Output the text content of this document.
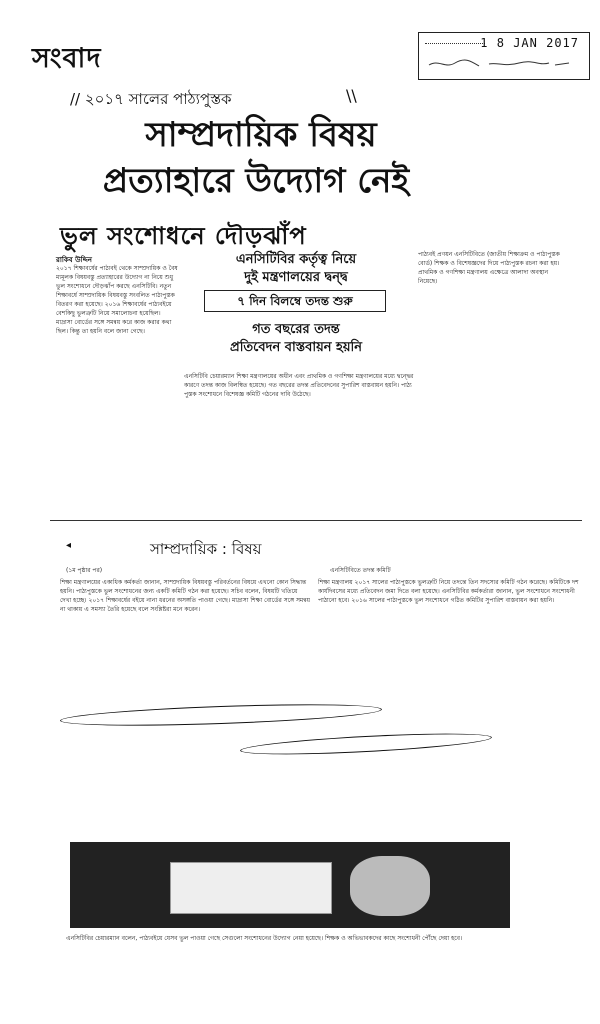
সংবাদ	1 8 JAN 2017
// ২০১৭ সালের পাঠ্যপুস্তক	\\
সাম্প্রদায়িক বিষয়
প্রত্যাহারে উদ্যোগ নেই
ভুল সংশোধনে দৌড়ঝাঁপ
রাকিব উদ্দিন
২০১৭ শিক্ষাবর্ষের পাঠ্যবই থেকে সাম্প্রদায়িক ও বৈষম্যমূলক বিষয়বস্তু প্রত্যাহারের উদ্যোগ না নিয়ে শুধু ভুল সংশোধনে দৌড়ঝাঁপ করছে এনসিটিবি। নতুন শিক্ষাবর্ষে সাম্প্রদায়িক বিষয়বস্তু সংবলিত পাঠ্যপুস্তক বিতরণ করা হয়েছে। ২০১৬ শিক্ষাবর্ষের পাঠ্যবইয়ে বেশকিছু ভুলত্রুটি নিয়ে সমালোচনা হয়েছিল। মাদ্রাসা বোর্ডের সঙ্গে সমন্বয় করে কাজ করার কথা ছিল। কিন্তু তা হয়নি বলে জানা গেছে।
এনসিটিবির কর্তৃত্ব নিয়ে
দুই মন্ত্রণালয়ের দ্বন্দ্ব
৭ দিন বিলম্বে তদন্ত শুরু
গত বছরের তদন্ত
প্রতিবেদন বাস্তবায়ন হয়নি
এনসিটিবি চেয়ারম্যান শিক্ষা মন্ত্রণালয়ের অধীন এবং প্রাথমিক ও গণশিক্ষা মন্ত্রণালয়ের মধ্যে দ্বন্দ্বের কারণে তদন্ত কাজ বিলম্বিত হয়েছে। গত বছরের তদন্ত প্রতিবেদনের সুপারিশ বাস্তবায়ন হয়নি। পাঠ্যপুস্তক সংশোধনে বিশেষজ্ঞ কমিটি গঠনের দাবি উঠেছে।
পাঠ্যবই প্রণয়ন এনসিটিবিতে (জাতীয় শিক্ষাক্রম ও পাঠ্যপুস্তক বোর্ড) শিক্ষক ও বিশেষজ্ঞদের দিয়ে পাঠ্যপুস্তক রচনা করা হয়। প্রাথমিক ও গণশিক্ষা মন্ত্রণালয় এক্ষেত্রে আলাদা অবস্থান নিয়েছে।
◂	সাম্প্রদায়িক : বিষয়
(১ম পৃষ্ঠার পর)	এনসিটিবিতে তদন্ত কমিটি
শিক্ষা মন্ত্রণালয়ের একাধিক কর্মকর্তা জানান, সাম্প্রদায়িক বিষয়বস্তু পরিবর্তনের বিষয়ে এখনো কোন সিদ্ধান্ত হয়নি। পাঠ্যপুস্তকে ভুল সংশোধনের জন্য একটি কমিটি গঠন করা হয়েছে। সচিব বলেন, বিষয়টি খতিয়ে দেখা হচ্ছে। ২০১৭ শিক্ষাবর্ষের বইয়ে নানা ধরনের অসঙ্গতি পাওয়া গেছে। মাদ্রাসা শিক্ষা বোর্ডের সঙ্গে সমন্বয় না থাকায় এ সমস্যা তৈরি হয়েছে বলে সংশ্লিষ্টরা মনে করেন।
শিক্ষা মন্ত্রণালয় ২০১৭ সালের পাঠ্যপুস্তকে ভুলত্রুটি নিয়ে তদন্তে তিন সদস্যের কমিটি গঠন করেছে। কমিটিকে দশ কার্যদিবসের মধ্যে প্রতিবেদন জমা দিতে বলা হয়েছে। এনসিটিবির কর্মকর্তারা জানান, ভুল সংশোধনে সংশোধনী পাঠানো হবে। ২০১৬ সালের পাঠ্যপুস্তকে ভুল সংশোধনে গঠিত কমিটির সুপারিশ বাস্তবায়ন করা হয়নি।
এনসিটিবির চেয়ারম্যান বলেন, পাঠ্যবইয়ে যেসব ভুল পাওয়া গেছে সেগুলো সংশোধনের উদ্যোগ নেয়া হয়েছে। শিক্ষক ও অভিভাবকদের কাছে সংশোধনী পৌঁছে দেয়া হবে।
